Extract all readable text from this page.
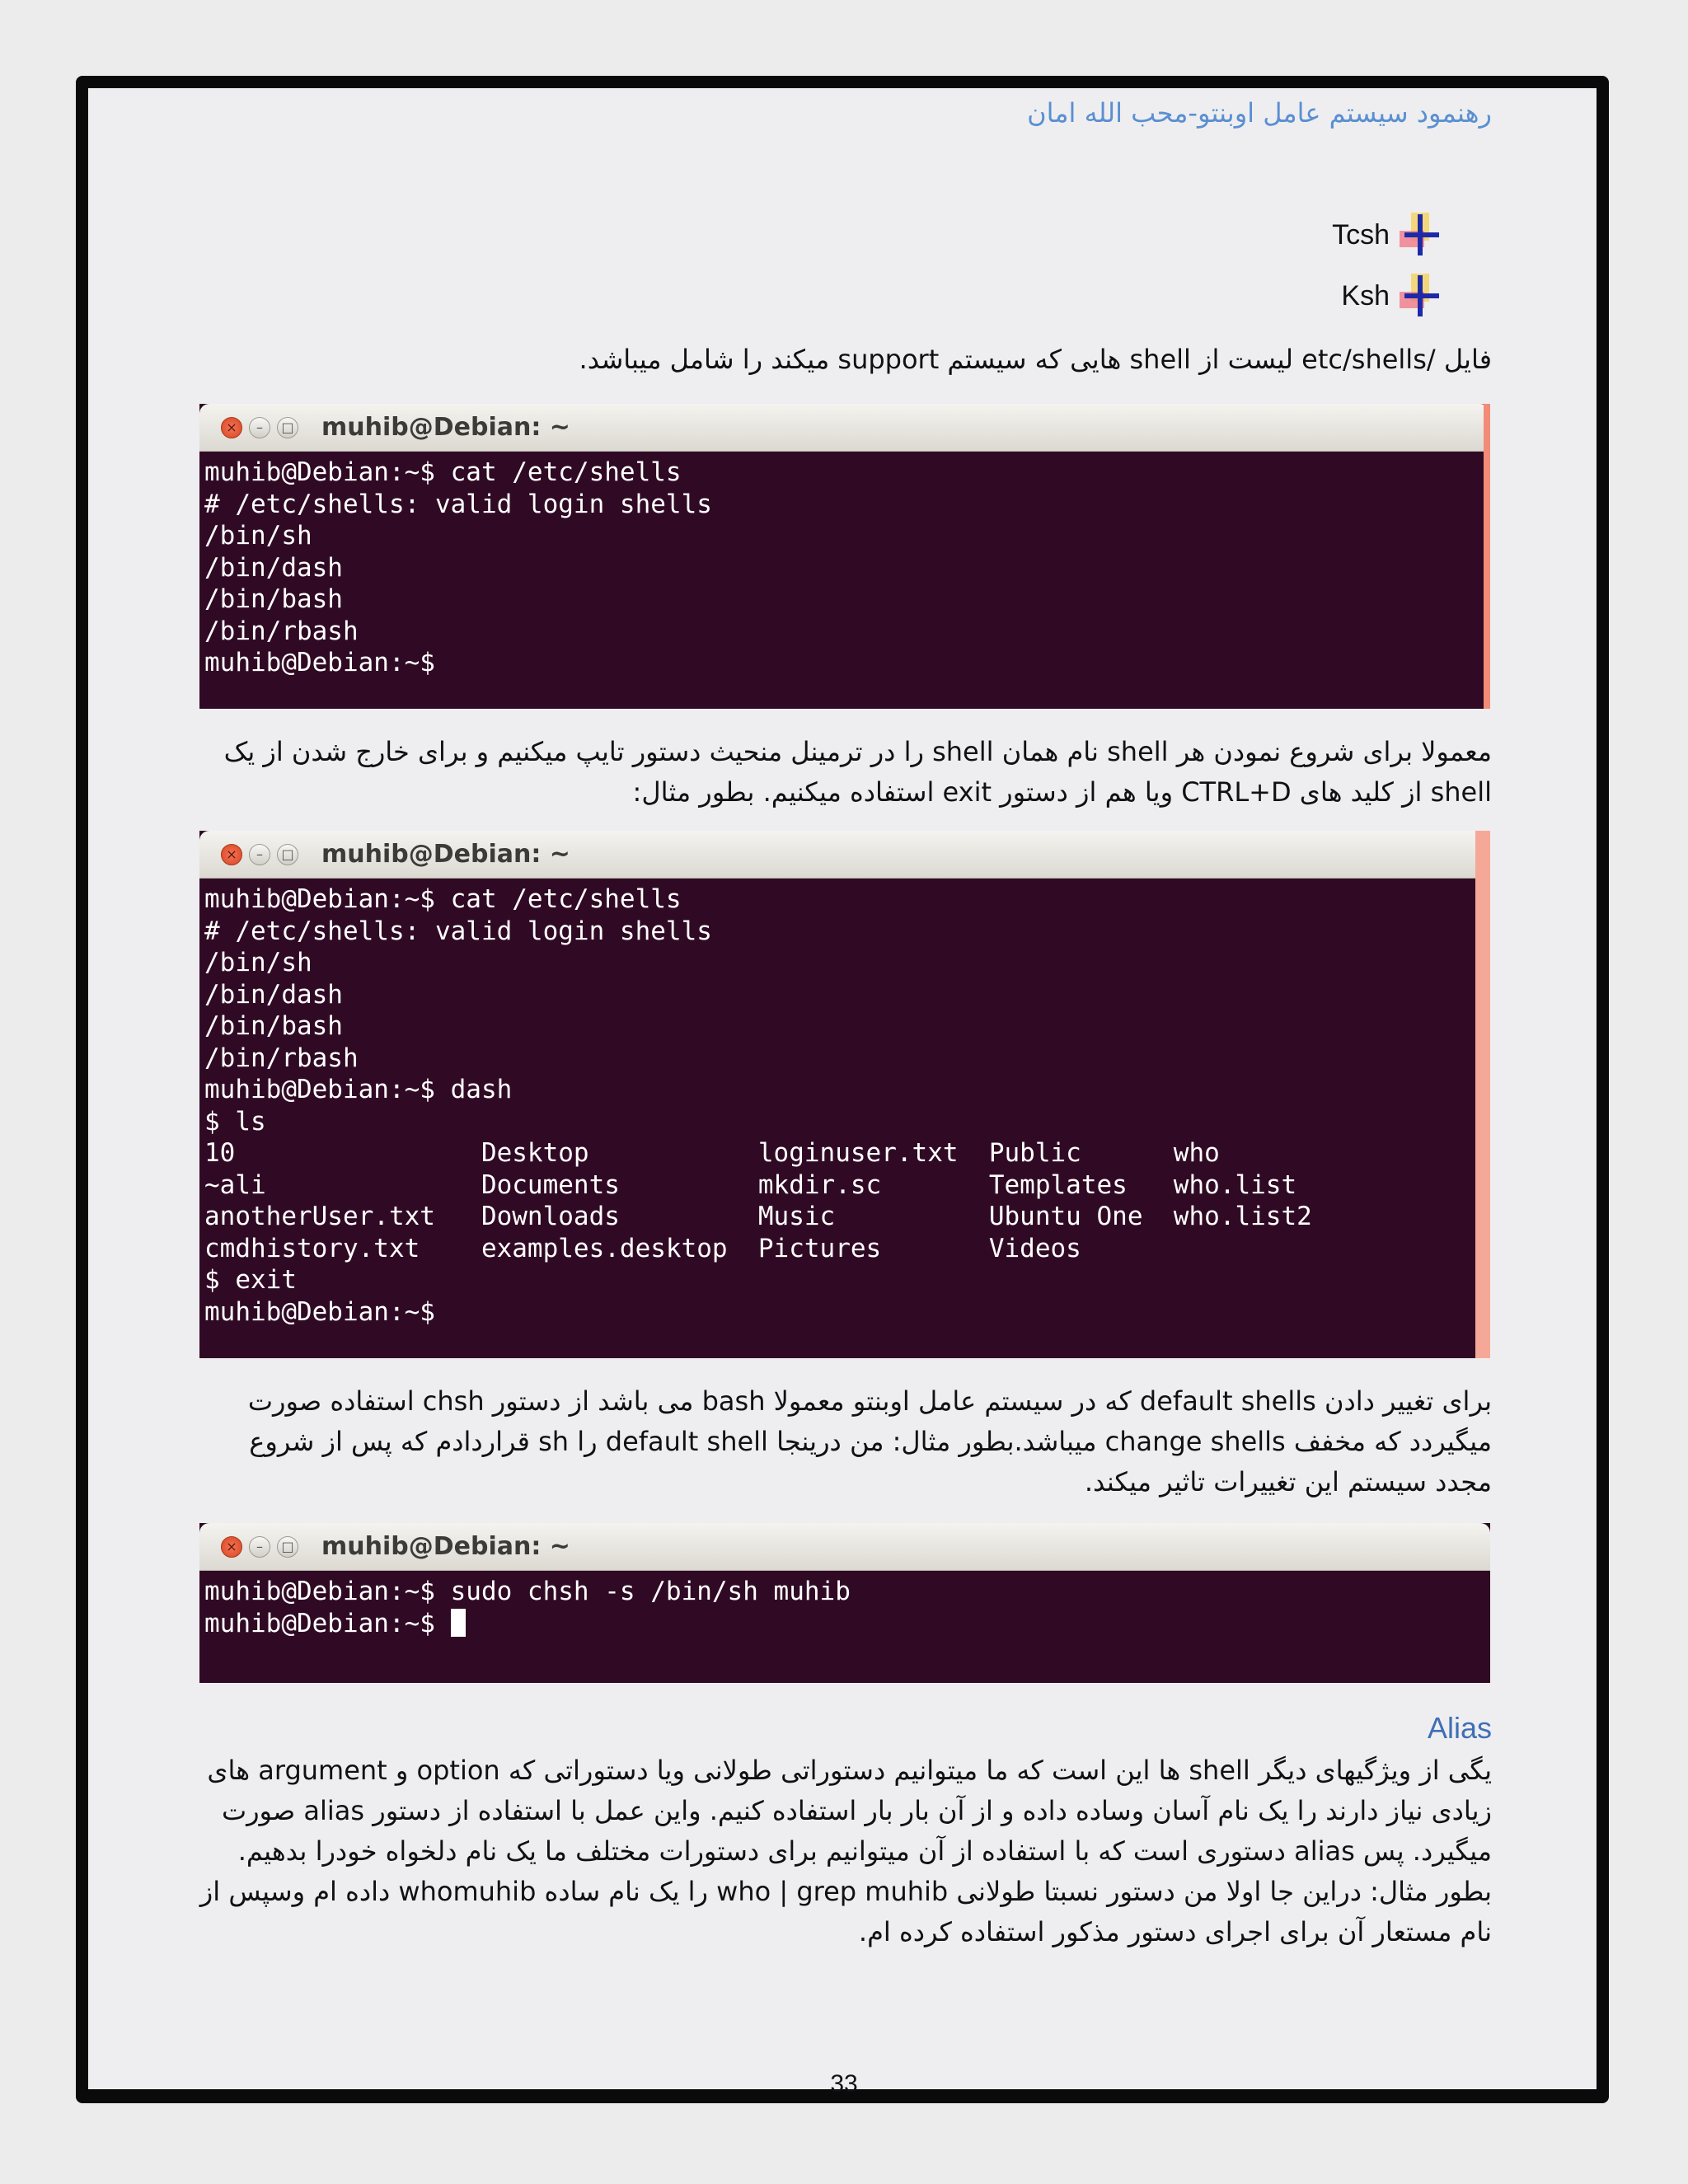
رهنمود سیستم عامل اوبنتو-محب الله امان
Tcsh
Ksh
فایل /etc/shells لیست از shell هایی که سیستم support میکند را شامل میباشد.
×	–	□ muhib@Debian: ~
muhib@Debian:~$ cat /etc/shells
# /etc/shells: valid login shells
/bin/sh
/bin/dash
/bin/bash
/bin/rbash
muhib@Debian:~$
معمولا برای شروع نمودن هر shell نام همان shell را در ترمینل منحیث دستور تایپ میکنیم و برای خارج شدن از یک shell از کلید های CTRL+D ویا هم از دستور exit استفاده میکنیم. بطور مثال:
×	–	□ muhib@Debian: ~
muhib@Debian:~$ cat /etc/shells
# /etc/shells: valid login shells
/bin/sh
/bin/dash
/bin/bash
/bin/rbash
muhib@Debian:~$ dash
$ ls
10                Desktop           loginuser.txt  Public      who
~ali              Documents         mkdir.sc       Templates   who.list
anotherUser.txt   Downloads         Music          Ubuntu One  who.list2
cmdhistory.txt    examples.desktop  Pictures       Videos
$ exit
muhib@Debian:~$
برای تغییر دادن default shells که در سیستم عامل اوبنتو معمولا bash می باشد از دستور chsh استفاده صورت میگیردد که مخفف change shells میباشد.بطور مثال: من درینجا default shell را sh قراردادم که پس از شروع مجدد سیستم این تغییرات تاثیر میکند.
×	–	□ muhib@Debian: ~
muhib@Debian:~$ sudo chsh -s /bin/sh muhib
muhib@Debian:~$
Alias
یگی از ویژگیهای دیگر shell ها این است که ما میتوانیم دستوراتی طولانی ویا دستوراتی که option و argument های زیادی نیاز دارند را یک نام آسان وساده داده و از آن بار بار استفاده کنیم. واین عمل با استفاده از دستور alias صورت میگیرد. پس alias دستوری است که با استفاده از آن میتوانیم برای دستورات مختلف ما یک نام دلخواه خودرا بدهیم. بطور مثال: دراین جا اولا من دستور نسبتا طولانی who | grep muhib را یک نام ساده whomuhib داده ام وسپس از نام مستعار آن برای اجرای دستور مذکور استفاده کرده ام.
33
